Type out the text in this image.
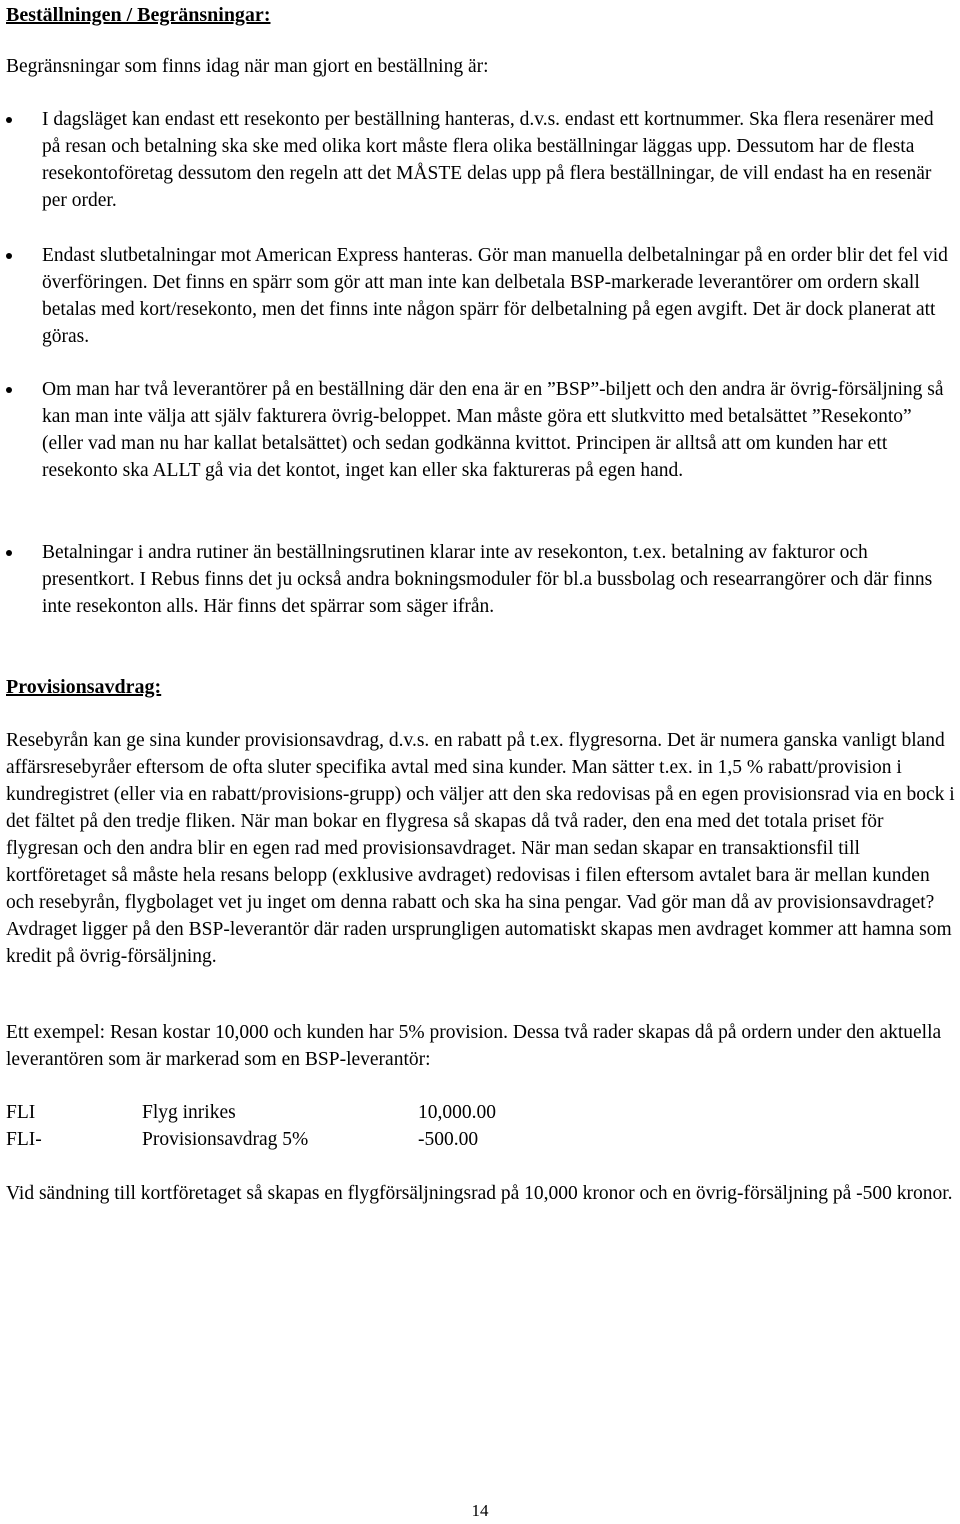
Beställningen / Begränsningar:

Begränsningar som finns idag när man gjort en beställning är:

I dagsläget kan endast ett resekonto per beställning hanteras, d.v.s. endast ett kortnummer. Ska flera resenärer med på resan och betalning ska ske med olika kort måste flera olika beställningar läggas upp. Dessutom har de flesta resekontoföretag dessutom den regeln att det MÅSTE delas upp på flera beställningar, de vill endast ha en resenär per order.

Endast slutbetalningar mot American Express hanteras. Gör man manuella delbetalningar på en order blir det fel vid överföringen. Det finns en spärr som gör att man inte kan delbetala BSP-markerade leverantörer om ordern skall betalas med kort/resekonto, men det finns inte någon spärr för delbetalning på egen avgift. Det är dock planerat att göras.

Om man har två leverantörer på en beställning där den ena är en ”BSP”-biljett och den andra är övrig-försäljning så kan man inte välja att själv fakturera övrig-beloppet. Man måste göra ett slutkvitto med betalsättet ”Resekonto” (eller vad man nu har kallat betalsättet) och sedan godkänna kvittot. Principen är alltså att om kunden har ett resekonto ska ALLT gå via det kontot, inget kan eller ska faktureras på egen hand.

Betalningar i andra rutiner än beställningsrutinen klarar inte av resekonton, t.ex. betalning av fakturor och presentkort. I Rebus finns det ju också andra bokningsmoduler för bl.a bussbolag och researrangörer och där finns inte resekonton alls. Här finns det spärrar som säger ifrån.

Provisionsavdrag:

Resebyrån kan ge sina kunder provisionsavdrag, d.v.s. en rabatt på t.ex. flygresorna. Det är numera ganska vanligt bland affärsresebyråer eftersom de ofta sluter specifika avtal med sina kunder. Man sätter t.ex. in 1,5 % rabatt/provision i kundregistret (eller via en rabatt/provisions-grupp) och väljer att den ska redovisas på en egen provisionsrad via en bock i det fältet på den tredje fliken. När man bokar en flygresa så skapas då två rader, den ena med det totala priset för flygresan och den andra blir en egen rad med provisionsavdraget. När man sedan skapar en transaktionsfil till kortföretaget så måste hela resans belopp (exklusive avdraget) redovisas i filen eftersom avtalet bara är mellan kunden och resebyrån, flygbolaget vet ju inget om denna rabatt och ska ha sina pengar. Vad gör man då av provisionsavdraget? Avdraget ligger på den BSP-leverantör där raden ursprungligen automatiskt skapas men avdraget kommer att hamna som kredit på övrig-försäljning.

Ett exempel: Resan kostar 10,000 och kunden har 5% provision. Dessa två rader skapas då på ordern under den aktuella leverantören som är markerad som en BSP-leverantör:

FLI	Flyg inrikes	10,000.00
FLI-	Provisionsavdrag 5%	-500.00

Vid sändning till kortföretaget så skapas en flygförsäljningsrad på 10,000 kronor och en övrig-försäljning på -500 kronor.

14
